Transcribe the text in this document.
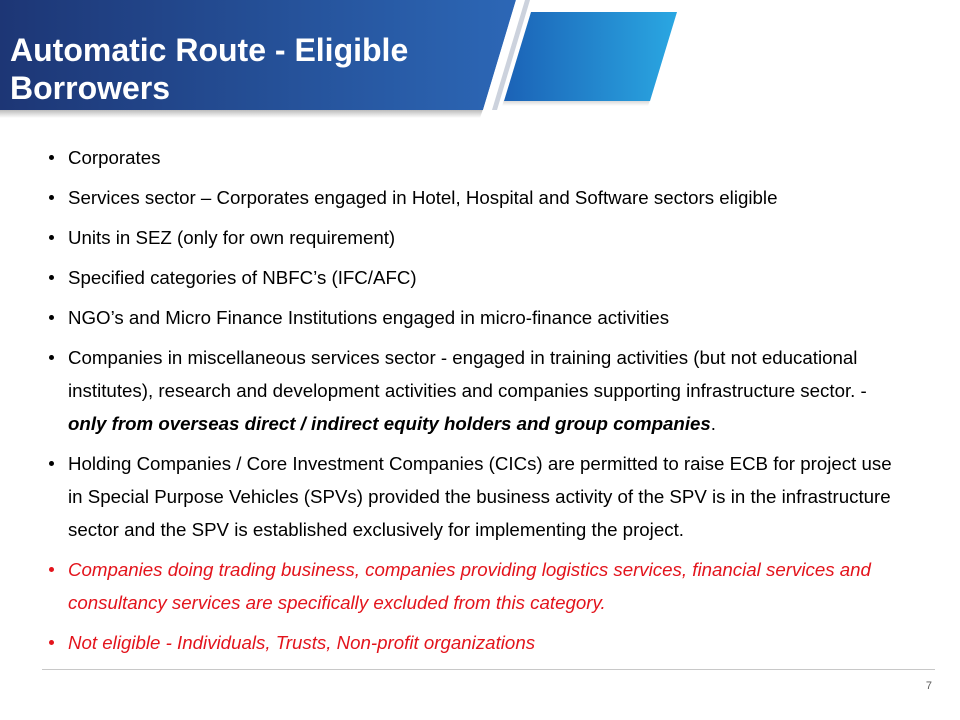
Automatic Route - Eligible Borrowers
Corporates
Services sector – Corporates engaged in Hotel, Hospital and Software sectors eligible
Units in SEZ (only for own requirement)
Specified categories of NBFC’s (IFC/AFC)
NGO’s and Micro Finance Institutions engaged in micro-finance activities
Companies in miscellaneous services sector - engaged in training activities (but not educational institutes), research and development activities and companies supporting infrastructure sector. - only from overseas direct / indirect equity holders and group companies.
Holding Companies / Core Investment Companies (CICs) are permitted to raise ECB for project use in Special Purpose Vehicles (SPVs) provided the business activity of the SPV is in the infrastructure sector and the SPV is established exclusively for implementing the project.
Companies doing trading business, companies providing logistics services, financial services and consultancy services are specifically excluded from this category.
Not eligible - Individuals, Trusts, Non-profit organizations
7
